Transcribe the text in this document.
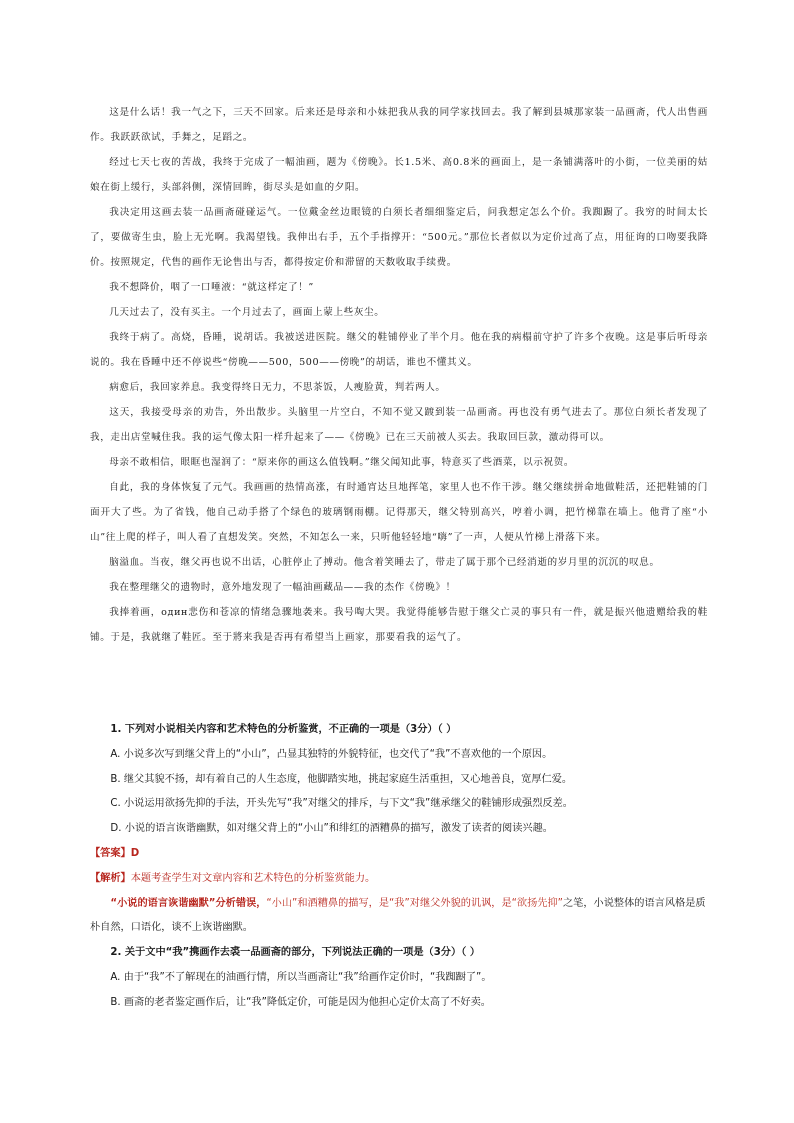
这是什么话！我一气之下，三天不回家。后来还是母亲和小妹把我从我的同学家找回去。我了解到县城那家装一品画斋，代人出售画作。我跃跃欲试，手舞之，足蹈之。

经过七天七夜的苦战，我终于完成了一幅油画，题为《傍晚》。长1.5米、高0.8米的画面上，是一条铺满落叶的小街，一位美丽的姑娘在街上缓行，头部斜侧，深情回眸，街尽头是如血的夕阳。

我决定用这画去装一品画斋碰碰运气。一位戴金丝边眼镜的白须长者细细鉴定后，问我想定怎么个价。我踟蹰了。我穷的时间太长了，要做寄生虫，脸上无光啊。我渴望钱。我伸出右手，五个手指撑开：“500元。”那位长者似以为定价过高了点，用征询的口吻要我降价。按照规定，代售的画作无论售出与否，都得按定价和滞留的天数收取手续费。

我不想降价，咽了一口唾液：“就这样定了！”

几天过去了，没有买主。一个月过去了，画面上蒙上些灰尘。

我终于病了。高烧，昏睡，说胡话。我被送进医院。继父的鞋铺停业了半个月。他在我的病榻前守护了许多个夜晚。这是事后听母亲说的。我在昏睡中还不停说些“傍晚——500，500——傍晚”的胡话，谁也不懂其义。

病愈后，我回家养息。我变得终日无力，不思茶饭，人瘦脸黄，判若两人。

这天，我接受母亲的劝告，外出散步。头脑里一片空白，不知不觉又踱到装一品画斋。再也没有勇气进去了。那位白须长者发现了我，走出店堂喊住我。我的运气像太阳一样升起来了——《傍晚》已在三天前被人买去。我取回巨款，激动得可以。

母亲不敢相信，眼眶也湿润了：“原来你的画这么值钱啊。”继父闻知此事，特意买了些酒菜，以示祝贺。

自此，我的身体恢复了元气。我画画的热情高涨，有时通宵达旦地挥笔，家里人也不作干涉。继父继续拼命地做鞋活，还把鞋铺的门面开大了些。为了省钱，他自己动手搭了个绿色的玻璃钢雨棚。记得那天，继父特别高兴，哼着小调，把竹梯靠在墙上。他背了座“小山”往上爬的样子，叫人看了直想发笑。突然，不知怎么一来，只听他轻轻地“嗨”了一声，人便从竹梯上滑落下来。

脑溢血。当夜，继父再也说不出话，心脏停止了搏动。他含着笑睡去了，带走了属于那个已经消逝的岁月里的沉沉的叹息。

我在整理继父的遗物时，意外地发现了一幅油画藏品——我的杰作《傍晚》！

我捧着画，один悲伤和苍凉的情绪急骤地袭来。我号啕大哭。我觉得能够告慰于继父亡灵的事只有一件，就是振兴他遗赠给我的鞋铺。于是，我就继了鞋匠。至于將来我是否再有希望当上画家，那要看我的运气了。

1. 下列对小说相关内容和艺术特色的分析鉴赏，不正确的一项是（3分）（ ）

A. 小说多次写到继父背上的“小山”，凸显其独特的外貌特征，也交代了“我”不喜欢他的一个原因。

B. 继父其貌不扬，却有着自己的人生态度，他脚踏实地，挑起家庭生活重担，又心地善良，宽厚仁爱。

C. 小说运用欲扬先抑的手法，开头先写“我”对继父的排斥，与下文“我”继承继父的鞋铺形成强烈反差。

D. 小说的语言诙谐幽默，如对继父背上的“小山”和绯红的酒糟鼻的描写，激发了读者的阅读兴趣。

【答案】D

【解析】本题考查学生对文章内容和艺术特色的分析鉴赏能力。

“小说的语言诙谐幽默”分析错误，“小山”和酒糟鼻的描写，是“我”对继父外貌的讥讽，是“欲扬先抑”之笔，小说整体的语言风格是质朴自然，口语化，谈不上诙谐幽默。

2. 关于文中“我”携画作去裘一品画斋的部分，下列说法正确的一项是（3分）（ ）

A. 由于“我”不了解现在的油画行情，所以当画斋让“我”给画作定价时，“我踟蹰了”。

B. 画斋的老者鉴定画作后，让“我”降低定价，可能是因为他担心定价太高了不好卖。
